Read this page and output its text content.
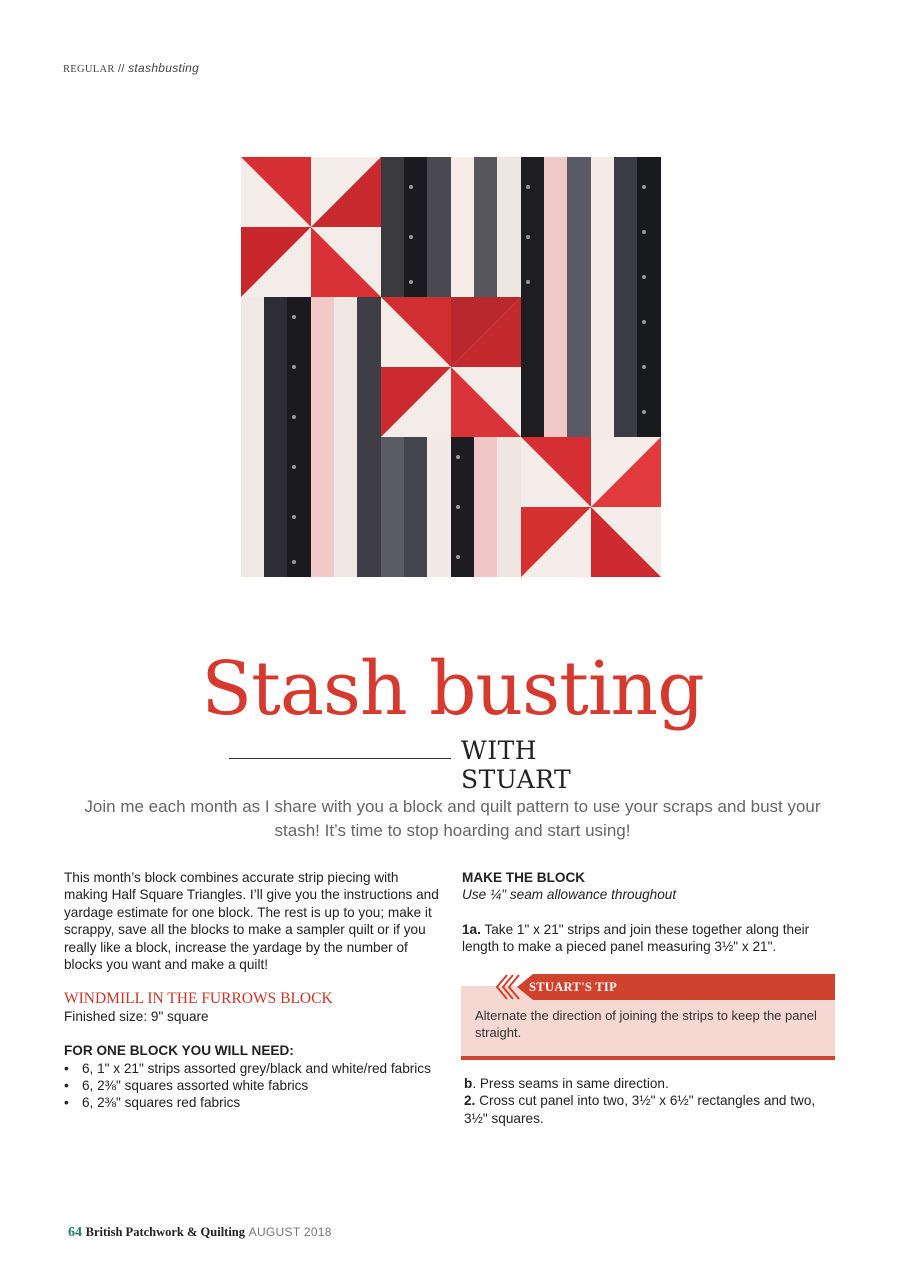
REGULAR // stashbusting
Stash busting
WITH STUART
Join me each month as I share with you a block and quilt pattern to use your scraps and bust your stash! It’s time to stop hoarding and start using!

This month’s block combines accurate strip piecing with making Half Square Triangles. I’ll give you the instructions and yardage estimate for one block. The rest is up to you; make it scrappy, save all the blocks to make a sampler quilt or if you really like a block, increase the yardage by the number of blocks you want and make a quilt!

WINDMILL IN THE FURROWS BLOCK

Finished size: 9" square

FOR ONE BLOCK YOU WILL NEED:

• 6, 1" x 21" strips assorted grey/black and white/red fabrics
• 6, 2⅜" squares assorted white fabrics
• 6, 2⅜" squares red fabrics

MAKE THE BLOCK

Use ¼" seam allowance throughout

1a. Take 1" x 21" strips and join these together along their length to make a pieced panel measuring 3½" x 21".

STUART'S TIP
Alternate the direction of joining the strips to keep the panel straight.

b. Press seams in same direction.

2. Cross cut panel into two, 3½" x 6½" rectangles and two, 3½" squares.

64 British Patchwork & Quilting AUGUST 2018
